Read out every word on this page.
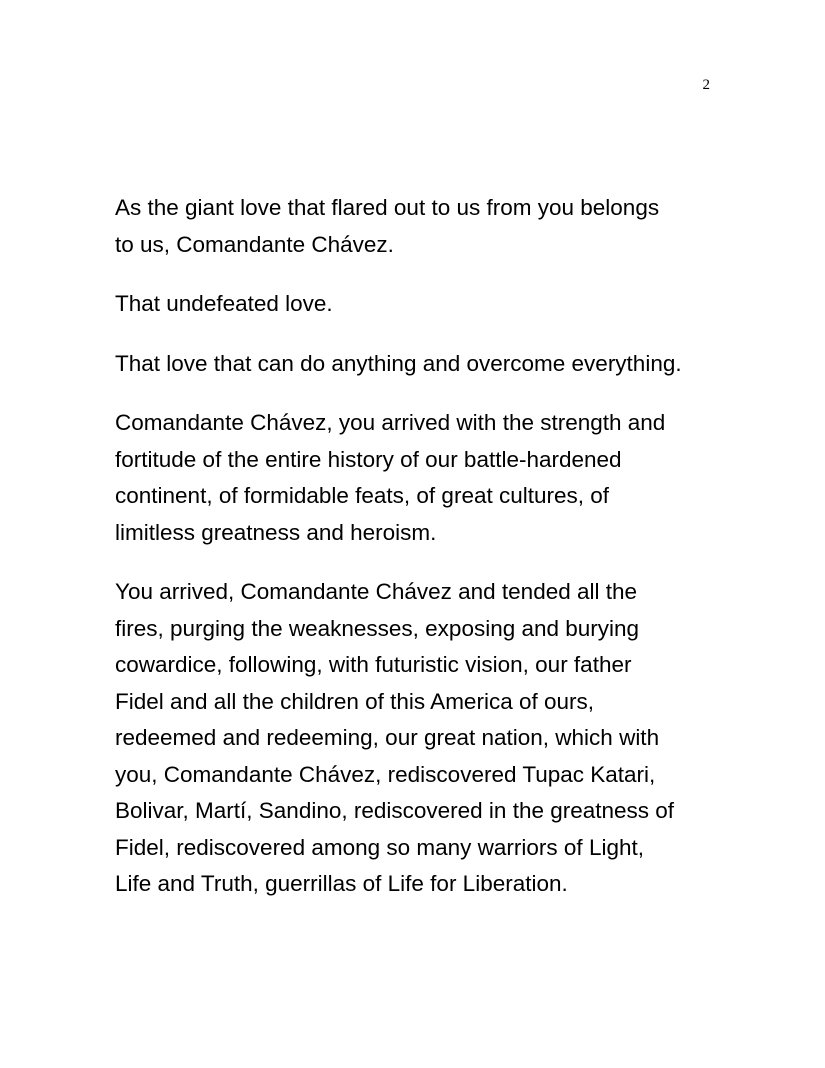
2

As the giant love that flared out to us from you belongs
to us, Comandante Chávez.

That undefeated love.

That love that can do anything and overcome everything.

Comandante Chávez, you arrived with the strength and
fortitude of the entire history of our battle-hardened
continent, of formidable feats, of great cultures, of
limitless greatness and heroism.

You arrived, Comandante Chávez and tended all the
fires, purging the weaknesses, exposing and burying
cowardice, following, with futuristic vision, our father
Fidel and all the children of this America of ours,
redeemed and redeeming, our great nation, which with
you, Comandante Chávez, rediscovered Tupac Katari,
Bolivar, Martí, Sandino, rediscovered in the greatness of
Fidel, rediscovered among so many warriors of Light,
Life and Truth, guerrillas of Life for Liberation.
